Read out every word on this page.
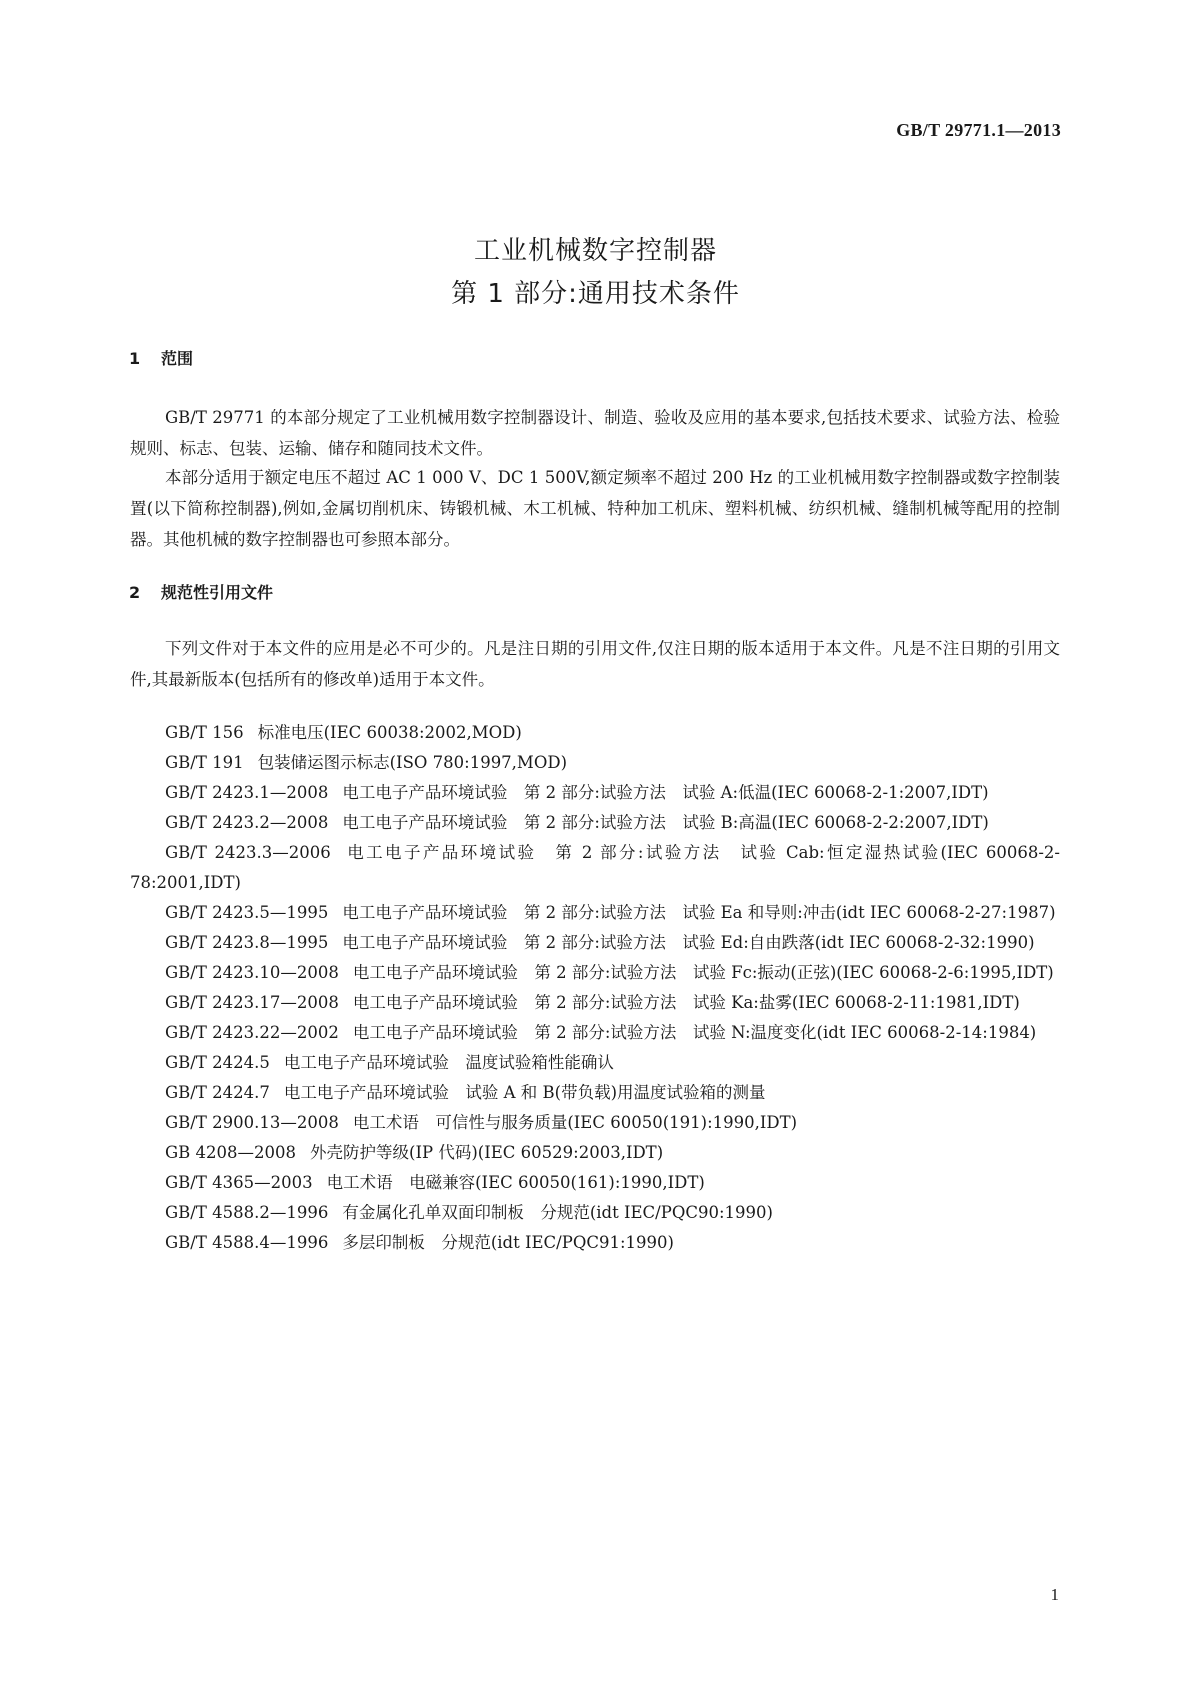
GB/T 29771.1—2013
工业机械数字控制器
第 1 部分:通用技术条件
1 范围

GB/T 29771 的本部分规定了工业机械用数字控制器设计、制造、验收及应用的基本要求,包括技术要求、试验方法、检验规则、标志、包装、运输、储存和随同技术文件。

本部分适用于额定电压不超过 AC 1 000 V、DC 1 500V,额定频率不超过 200 Hz 的工业机械用数字控制器或数字控制装置(以下简称控制器),例如,金属切削机床、铸锻机械、木工机械、特种加工机床、塑料机械、纺织机械、缝制机械等配用的控制器。其他机械的数字控制器也可参照本部分。

2 规范性引用文件

下列文件对于本文件的应用是必不可少的。凡是注日期的引用文件,仅注日期的版本适用于本文件。凡是不注日期的引用文件,其最新版本(包括所有的修改单)适用于本文件。

GB/T 156 标准电压(IEC 60038:2002,MOD)
GB/T 191 包装储运图示标志(ISO 780:1997,MOD)
GB/T 2423.1—2008 电工电子产品环境试验　第 2 部分:试验方法　试验 A:低温(IEC 60068-2-1:2007,IDT)
GB/T 2423.2—2008 电工电子产品环境试验　第 2 部分:试验方法　试验 B:高温(IEC 60068-2-2:2007,IDT)
GB/T 2423.3—2006 电工电子产品环境试验　第 2 部分:试验方法　试验 Cab:恒定湿热试验(IEC 60068-2-78:2001,IDT)
GB/T 2423.5—1995 电工电子产品环境试验　第 2 部分:试验方法　试验 Ea 和导则:冲击(idt IEC 60068-2-27:1987)
GB/T 2423.8—1995 电工电子产品环境试验　第 2 部分:试验方法　试验 Ed:自由跌落(idt IEC 60068-2-32:1990)
GB/T 2423.10—2008 电工电子产品环境试验　第 2 部分:试验方法　试验 Fc:振动(正弦)(IEC 60068-2-6:1995,IDT)
GB/T 2423.17—2008 电工电子产品环境试验　第 2 部分:试验方法　试验 Ka:盐雾(IEC 60068-2-11:1981,IDT)
GB/T 2423.22—2002 电工电子产品环境试验　第 2 部分:试验方法　试验 N:温度变化(idt IEC 60068-2-14:1984)
GB/T 2424.5 电工电子产品环境试验　温度试验箱性能确认
GB/T 2424.7 电工电子产品环境试验　试验 A 和 B(带负载)用温度试验箱的测量
GB/T 2900.13—2008 电工术语　可信性与服务质量(IEC 60050(191):1990,IDT)
GB 4208—2008 外壳防护等级(IP 代码)(IEC 60529:2003,IDT)
GB/T 4365—2003 电工术语　电磁兼容(IEC 60050(161):1990,IDT)
GB/T 4588.2—1996 有金属化孔单双面印制板　分规范(idt IEC/PQC90:1990)
GB/T 4588.4—1996 多层印制板　分规范(idt IEC/PQC91:1990)
1
